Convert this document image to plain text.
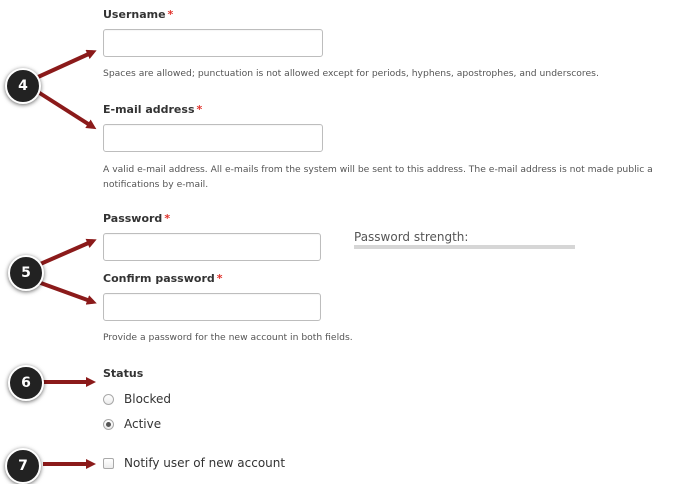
4
5
6
7
Username *
Spaces are allowed; punctuation is not allowed except for periods, hyphens, apostrophes, and underscores.
E-mail address *
A valid e-mail address. All e-mails from the system will be sent to this address. The e-mail address is not made public a
notifications by e-mail.
Password *
Password strength:
Confirm password *
Provide a password for the new account in both fields.
Status
Blocked
Active
Notify user of new account
